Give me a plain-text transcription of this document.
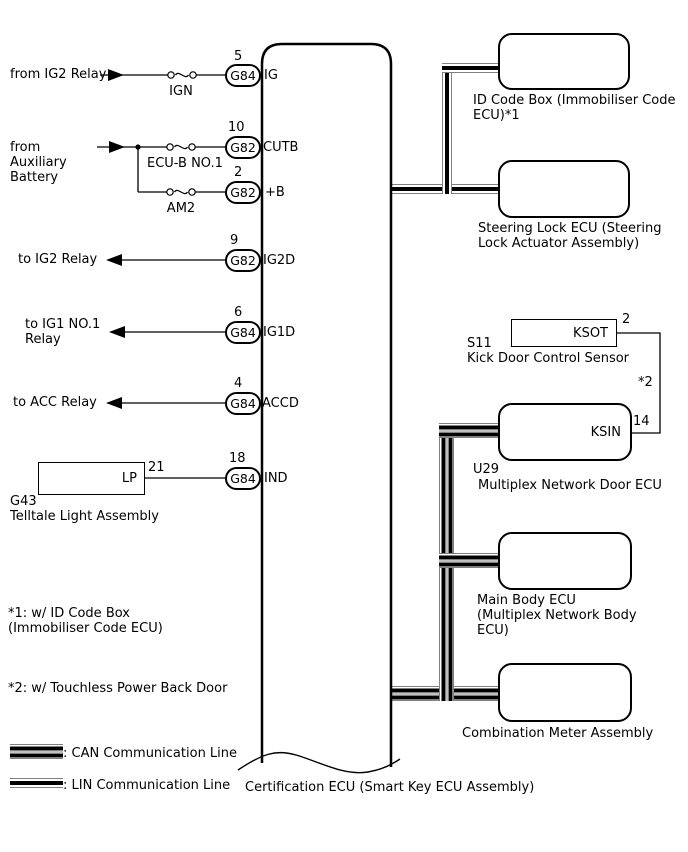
KSOT
KSIN
LP
G84
G82
G82
G82
G84
G84
G84
5
10
2
9
6
4
18
IG
CUTB
+B
IG2D
IG1D
ACCD
IND
from IG2 Relay
IGN
from
Auxiliary
Battery
ECU-B NO.1
AM2
to IG2 Relay
to IG1 NO.1
Relay
to ACC Relay
21
G43
Telltale Light Assembly
*1: w/ ID Code Box
(Immobiliser Code ECU)
*2: w/ Touchless Power Back Door
: CAN Communication Line
: LIN Communication Line Certification ECU (Smart Key ECU Assembly)
ID Code Box (Immobiliser Code
ECU)*1
Steering Lock ECU (Steering
Lock Actuator Assembly)
2
S11
Kick Door Control Sensor
*2
14
U29
Multiplex Network Door ECU
Main Body ECU
(Multiplex Network Body
ECU)
Combination Meter Assembly
